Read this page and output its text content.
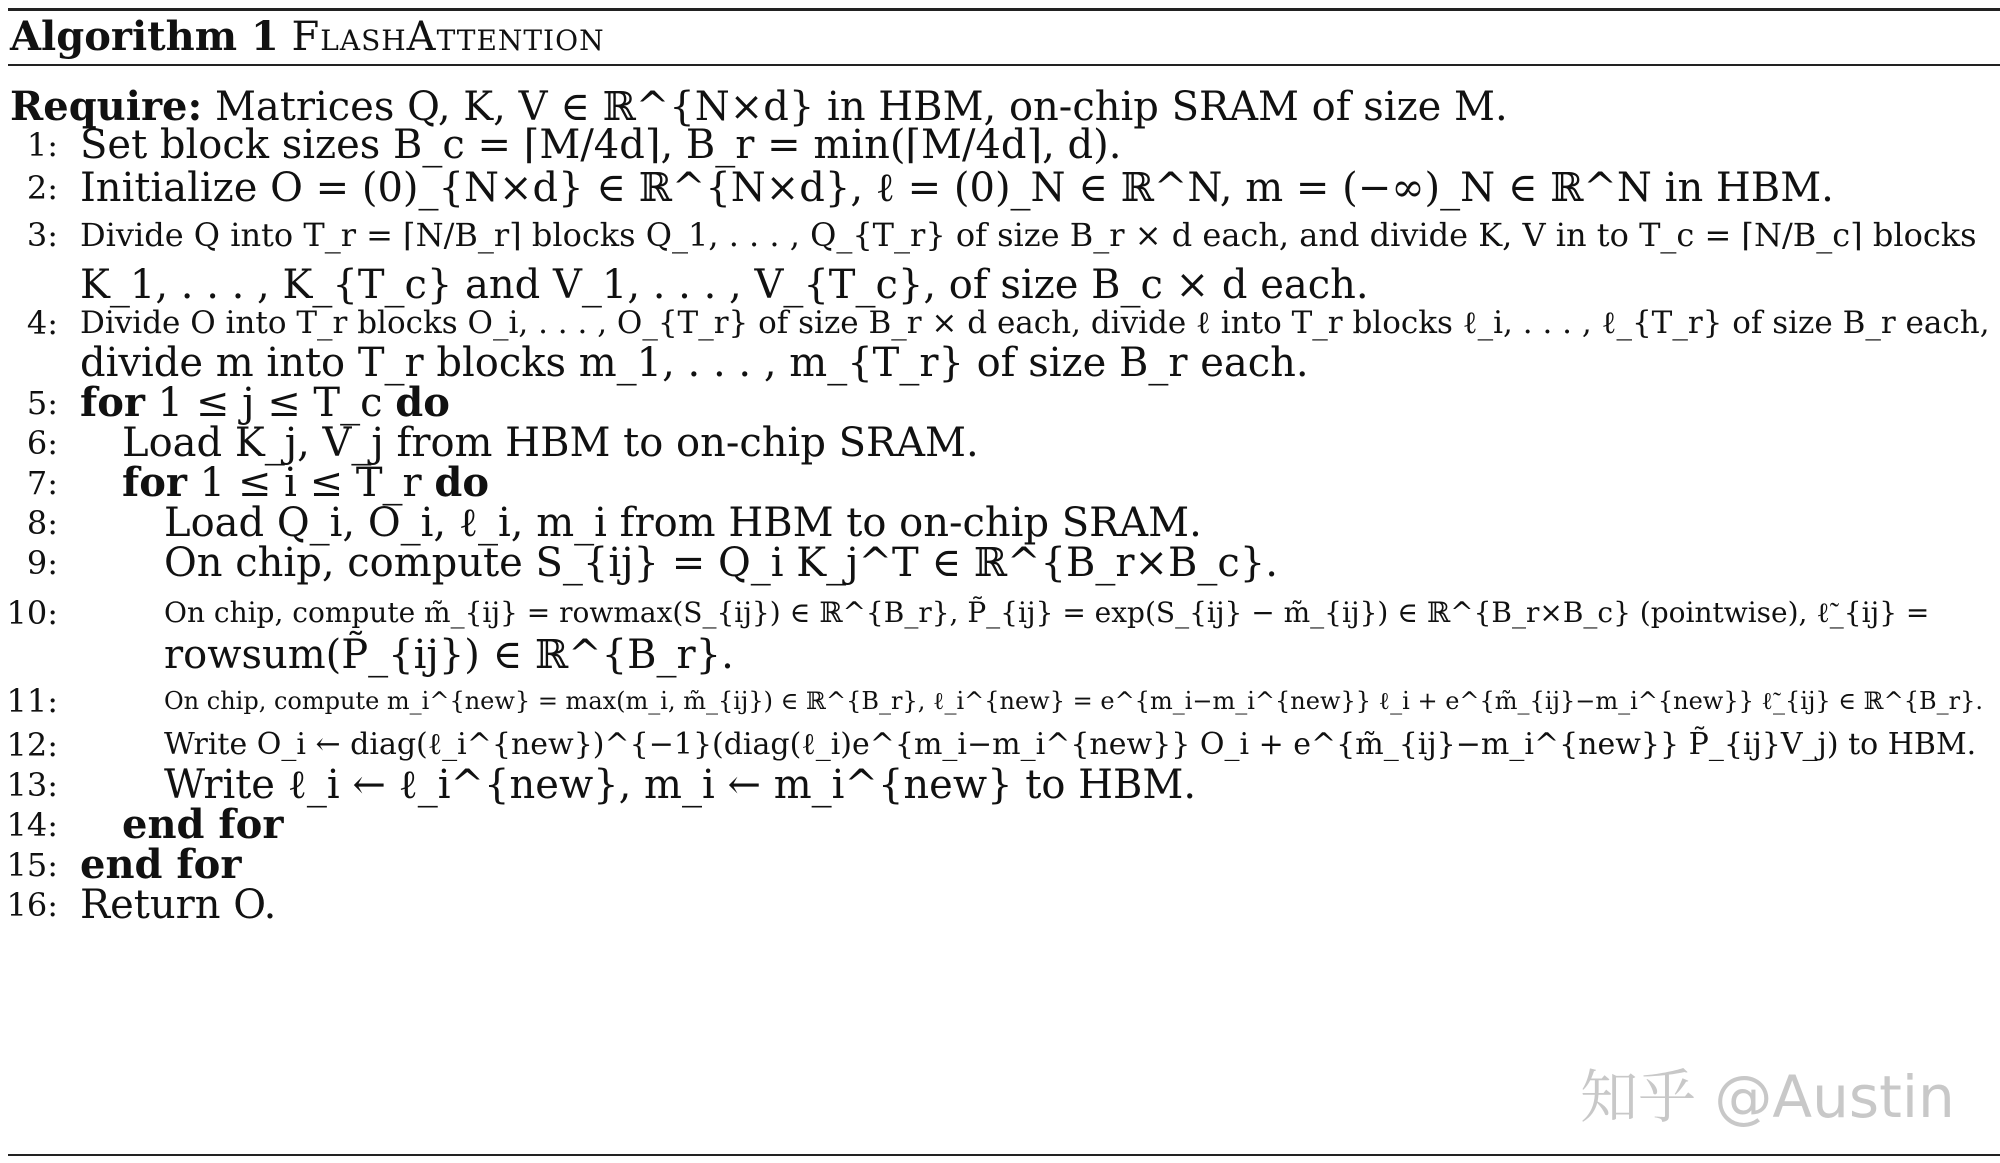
Algorithm 1 FlashAttention
Require: Matrices Q, K, V ∈ ℝ^{N×d} in HBM, on-chip SRAM of size M.
1: Set block sizes B_c = ⌈M/4d⌉, B_r = min(⌈M/4d⌉, d).
2: Initialize O = (0)_{N×d} ∈ ℝ^{N×d}, ℓ = (0)_N ∈ ℝ^N, m = (−∞)_N ∈ ℝ^N in HBM.
3: Divide Q into T_r = ⌈N/B_r⌉ blocks Q_1, . . . , Q_{T_r} of size B_r × d each, and divide K, V in to T_c = ⌈N/B_c⌉ blocks
K_1, . . . , K_{T_c} and V_1, . . . , V_{T_c}, of size B_c × d each.
4: Divide O into T_r blocks O_i, . . . , O_{T_r} of size B_r × d each, divide ℓ into T_r blocks ℓ_i, . . . , ℓ_{T_r} of size B_r each,
divide m into T_r blocks m_1, . . . , m_{T_r} of size B_r each.
5: for 1 ≤ j ≤ T_c do
6: Load K_j, V_j from HBM to on-chip SRAM.
7: for 1 ≤ i ≤ T_r do
8:	Load Q_i, O_i, ℓ_i, m_i from HBM to on-chip SRAM.
9:	On chip, compute S_{ij} = Q_i K_j^T ∈ ℝ^{B_r×B_c}.
10:	On chip, compute m̃_{ij} = rowmax(S_{ij}) ∈ ℝ^{B_r}, P̃_{ij} = exp(S_{ij} − m̃_{ij}) ∈ ℝ^{B_r×B_c} (pointwise), ℓ̃_{ij} =
rowsum(P̃_{ij}) ∈ ℝ^{B_r}.
11:	On chip, compute m_i^{new} = max(m_i, m̃_{ij}) ∈ ℝ^{B_r}, ℓ_i^{new} = e^{m_i−m_i^{new}} ℓ_i + e^{m̃_{ij}−m_i^{new}} ℓ̃_{ij} ∈ ℝ^{B_r}.
12:	Write O_i ← diag(ℓ_i^{new})^{−1}(diag(ℓ_i)e^{m_i−m_i^{new}} O_i + e^{m̃_{ij}−m_i^{new}} P̃_{ij}V_j) to HBM.
13:	Write ℓ_i ← ℓ_i^{new}, m_i ← m_i^{new} to HBM.
14: end for
15: end for
16: Return O.
知乎 @Austin
